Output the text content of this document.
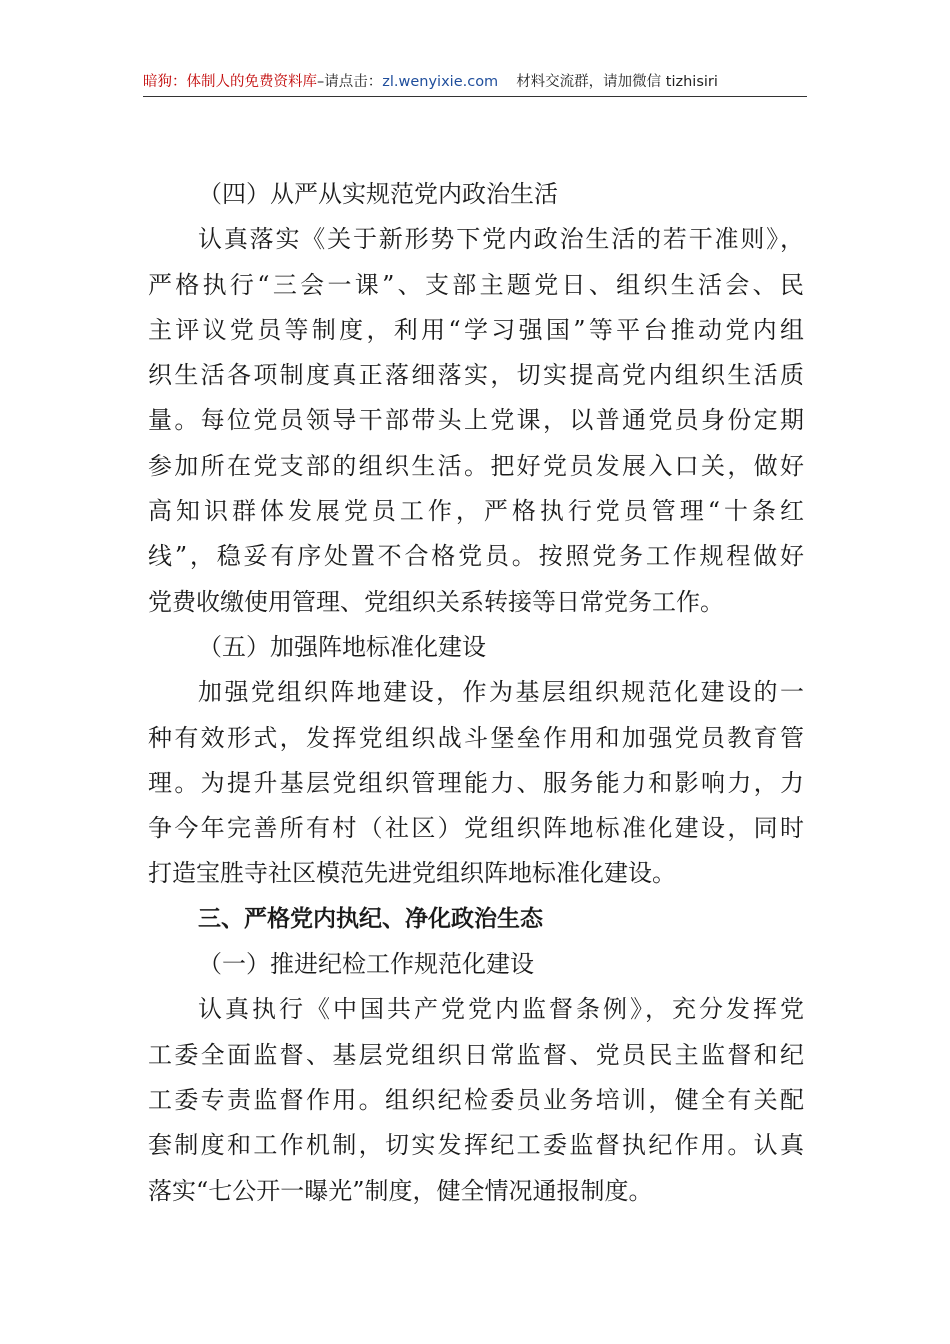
暗狗：体制人的免费资料库–请点击：zl.wenyixie.com 材料交流群，请加微信 tizhisiri
（四）从严从实规范党内政治生活
认真落实《关于新形势下党内政治生活的若干准则》，
严格执行“三会一课”、支部主题党日、组织生活会、民
主评议党员等制度，利用“学习强国”等平台推动党内组
织生活各项制度真正落细落实，切实提高党内组织生活质
量。每位党员领导干部带头上党课，以普通党员身份定期
参加所在党支部的组织生活。把好党员发展入口关，做好
高知识群体发展党员工作，严格执行党员管理“十条红
线”，稳妥有序处置不合格党员。按照党务工作规程做好
党费收缴使用管理、党组织关系转接等日常党务工作。
（五）加强阵地标准化建设
加强党组织阵地建设，作为基层组织规范化建设的一
种有效形式，发挥党组织战斗堡垒作用和加强党员教育管
理。为提升基层党组织管理能力、服务能力和影响力，力
争今年完善所有村（社区）党组织阵地标准化建设，同时
打造宝胜寺社区模范先进党组织阵地标准化建设。
三、严格党内执纪、净化政治生态
（一）推进纪检工作规范化建设
认真执行《中国共产党党内监督条例》，充分发挥党
工委全面监督、基层党组织日常监督、党员民主监督和纪
工委专责监督作用。组织纪检委员业务培训，健全有关配
套制度和工作机制，切实发挥纪工委监督执纪作用。认真
落实“七公开一曝光”制度，健全情况通报制度。
